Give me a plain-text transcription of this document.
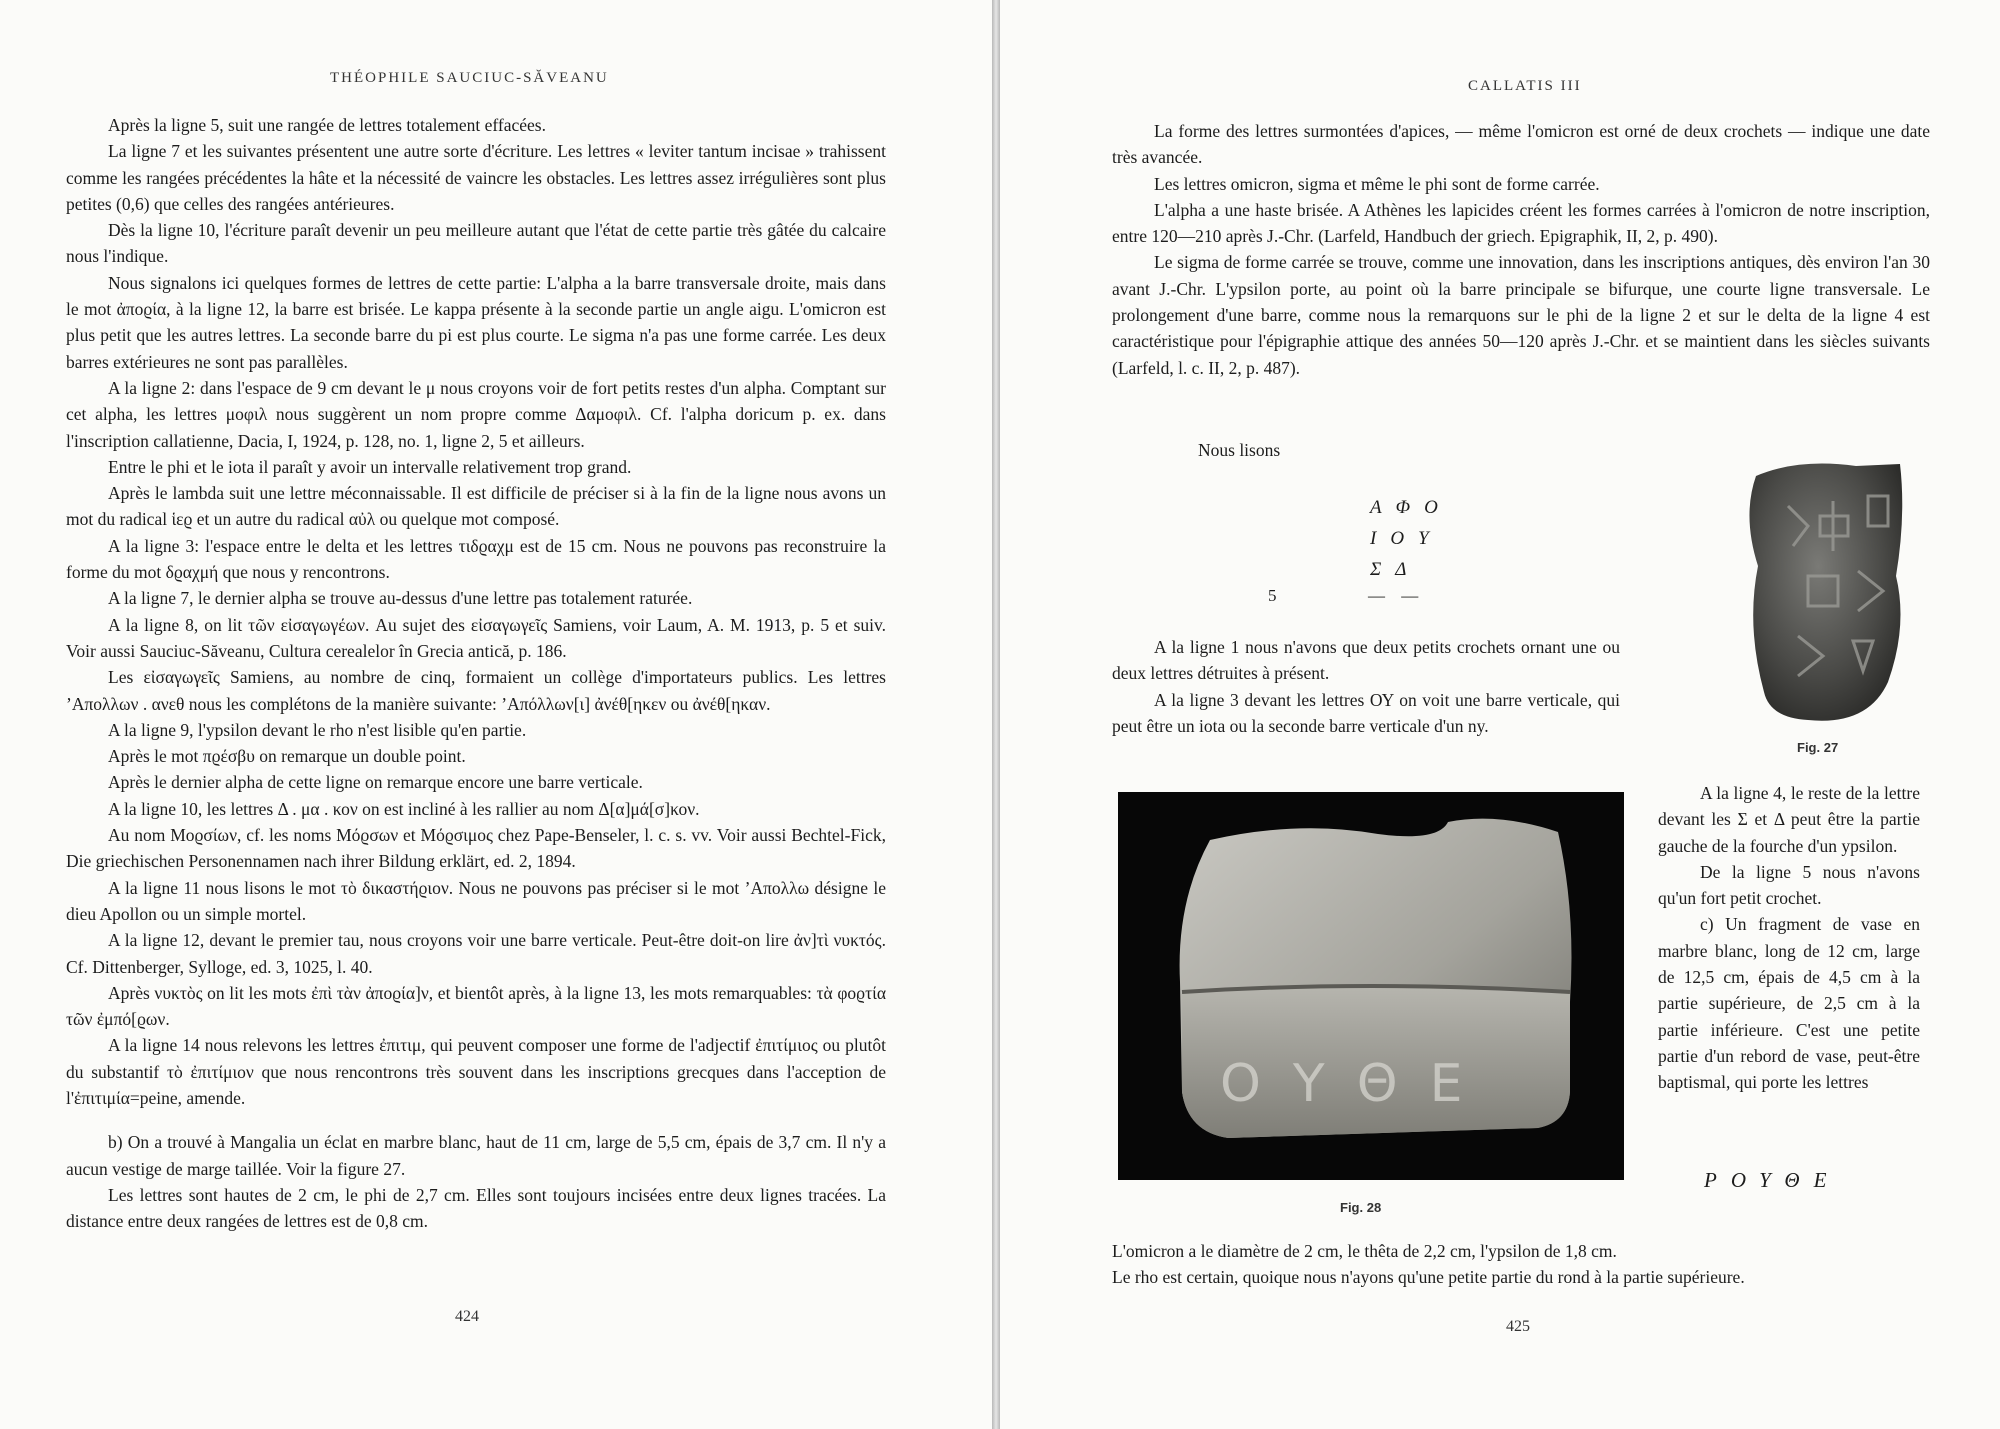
THÉOPHILE SAUCIUC-SĂVEANU

Après la ligne 5, suit une rangée de lettres totalement effacées.

La ligne 7 et les suivantes présentent une autre sorte d'écriture. Les lettres « leviter tantum incisae » trahissent comme les rangées précédentes la hâte et la nécessité de vaincre les obstacles. Les lettres assez irrégulières sont plus petites (0,6) que celles des rangées antérieures.

Dès la ligne 10, l'écriture paraît devenir un peu meilleure autant que l'état de cette partie très gâtée du calcaire nous l'indique.

Nous signalons ici quelques formes de lettres de cette partie: L'alpha a la barre transversale droite, mais dans le mot ἀποϱία, à la ligne 12, la barre est brisée. Le kappa présente à la seconde partie un angle aigu. L'omicron est plus petit que les autres lettres. La seconde barre du pi est plus courte. Le sigma n'a pas une forme carrée. Les deux barres extérieures ne sont pas parallèles.

A la ligne 2: dans l'espace de 9 cm devant le μ nous croyons voir de fort petits restes d'un alpha. Comptant sur cet alpha, les lettres μοφιλ nous suggèrent un nom propre comme Δαμοφιλ. Cf. l'alpha doricum p. ex. dans l'inscription callatienne, Dacia, I, 1924, p. 128, no. 1, ligne 2, 5 et ailleurs.

Entre le phi et le iota il paraît y avoir un intervalle relativement trop grand.

Après le lambda suit une lettre méconnaissable. Il est difficile de préciser si à la fin de la ligne nous avons un mot du radical ἱεϱ et un autre du radical αὐλ ou quelque mot composé.

A la ligne 3: l'espace entre le delta et les lettres τιδϱαχμ est de 15 cm. Nous ne pouvons pas reconstruire la forme du mot δϱαχμή que nous y rencontrons.

A la ligne 7, le dernier alpha se trouve au-dessus d'une lettre pas totalement raturée.

A la ligne 8, on lit τῶν εἰσαγωγέων. Au sujet des εἰσαγωγεῖς Samiens, voir Laum, A. M. 1913, p. 5 et suiv. Voir aussi Sauciuc-Săveanu, Cultura cerealelor în Grecia antică, p. 186.

Les εἰσαγωγεῖς Samiens, au nombre de cinq, formaient un collège d'importateurs publics. Les lettres ʼΑπολλων . ανεθ nous les complétons de la manière suivante: ʼΑπόλλων[ι] ἀνέθ[ηκεν ou ἀνέθ[ηκαν.

A la ligne 9, l'ypsilon devant le rho n'est lisible qu'en partie.

Après le mot πϱέσβυ on remarque un double point.

Après le dernier alpha de cette ligne on remarque encore une barre verticale.

A la ligne 10, les lettres Δ . μα . κον on est incliné à les rallier au nom Δ[α]μά[σ]κον.

Au nom Μοϱσίων, cf. les noms Μόϱσων et Μόϱσιμος chez Pape-Benseler, l. c. s. vv. Voir aussi Bechtel-Fick, Die griechischen Personennamen nach ihrer Bildung erklärt, ed. 2, 1894.

A la ligne 11 nous lisons le mot τὸ δικαστήϱιον. Nous ne pouvons pas préciser si le mot ʼΑπολλω désigne le dieu Apollon ou un simple mortel.

A la ligne 12, devant le premier tau, nous croyons voir une barre verticale. Peut-être doit-on lire ἀν]τὶ νυκτός. Cf. Dittenberger, Sylloge, ed. 3, 1025, l. 40.

Après νυκτὸς on lit les mots ἐπὶ τὰν ἀποϱία]ν, et bientôt après, à la ligne 13, les mots remarquables: τὰ φοϱτία τῶν ἐμπό[ϱων.

A la ligne 14 nous relevons les lettres ἐπιτιμ, qui peuvent composer une forme de l'adjectif ἐπιτίμιος ou plutôt du substantif τὸ ἐπιτίμιον que nous rencontrons très souvent dans les inscriptions grecques dans l'acception de l'ἐπιτιμία=peine, amende.

b) On a trouvé à Mangalia un éclat en marbre blanc, haut de 11 cm, large de 5,5 cm, épais de 3,7 cm. Il n'y a aucun vestige de marge taillée. Voir la figure 27.

Les lettres sont hautes de 2 cm, le phi de 2,7 cm. Elles sont toujours incisées entre deux lignes tracées. La distance entre deux rangées de lettres est de 0,8 cm.

424
CALLATIS III

La forme des lettres surmontées d'apices, — même l'omicron est orné de deux crochets — indique une date très avancée.

Les lettres omicron, sigma et même le phi sont de forme carrée.

L'alpha a une haste brisée. A Athènes les lapicides créent les formes carrées à l'omicron de notre inscription, entre 120—210 après J.-Chr. (Larfeld, Handbuch der griech. Epigraphik, II, 2, p. 490).

Le sigma de forme carrée se trouve, comme une innovation, dans les inscriptions antiques, dès environ l'an 30 avant J.-Chr. L'ypsilon porte, au point où la barre principale se bifurque, une courte ligne transversale. Le prolongement d'une barre, comme nous la remarquons sur le phi de la ligne 2 et sur le delta de la ligne 4 est caractéristique pour l'épigraphie attique des années 50—120 après J.-Chr. et se maintient dans les siècles suivants (Larfeld, l. c. II, 2, p. 487).

Nous lisons

Α Φ Ο
Ι Ο Υ
Σ Δ
5	— —

A la ligne 1 nous n'avons que deux petits crochets ornant une ou deux lettres détruites à présent.

A la ligne 3 devant les lettres ΟΥ on voit une barre verticale, qui peut être un iota ou la seconde barre verticale d'un ny.

Fig. 27
ΟΥΘΕ
Fig. 28

A la ligne 4, le reste de la lettre devant les Σ et Δ peut être la partie gauche de la fourche d'un ypsilon.

De la ligne 5 nous n'avons qu'un fort petit crochet.

c) Un fragment de vase en marbre blanc, long de 12 cm, large de 12,5 cm, épais de 4,5 cm à la partie supérieure, de 2,5 cm à la partie inférieure. C'est une petite partie d'un rebord de vase, peut-être baptismal, qui porte les lettres

ΡΟΥΘΕ

L'omicron a le diamètre de 2 cm, le thêta de 2,2 cm, l'ypsilon de 1,8 cm.

Le rho est certain, quoique nous n'ayons qu'une petite partie du rond à la partie supérieure.

425
